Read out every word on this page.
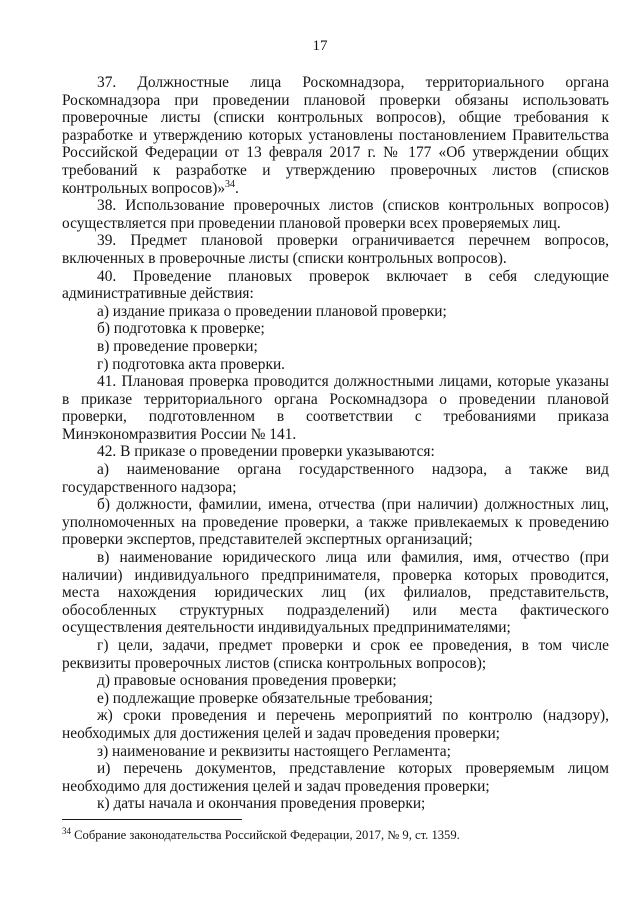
17

37. Должностные лица Роскомнадзора, территориального органа Роскомнадзора при проведении плановой проверки обязаны использовать проверочные листы (списки контрольных вопросов), общие требования к разработке и утверждению которых установлены постановлением Правительства Российской Федерации от 13 февраля 2017 г. № 177 «Об утверждении общих требований к разработке и утверждению проверочных листов (списков контрольных вопросов)»$^{34}$.

38. Использование проверочных листов (списков контрольных вопросов) осуществляется при проведении плановой проверки всех проверяемых лиц.

39. Предмет плановой проверки ограничивается перечнем вопросов, включенных в проверочные листы (списки контрольных вопросов).

40. Проведение плановых проверок включает в себя следующие административные действия:

а) издание приказа о проведении плановой проверки;

б) подготовка к проверке;

в) проведение проверки;

г) подготовка акта проверки.

41. Плановая проверка проводится должностными лицами, которые указаны в приказе территориального органа Роскомнадзора о проведении плановой проверки, подготовленном в соответствии с требованиями приказа Минэкономразвития России № 141.

42. В приказе о проведении проверки указываются:

а) наименование органа государственного надзора, а также вид государственного надзора;

б) должности, фамилии, имена, отчества (при наличии) должностных лиц, уполномоченных на проведение проверки, а также привлекаемых к проведению проверки экспертов, представителей экспертных организаций;

в) наименование юридического лица или фамилия, имя, отчество (при наличии) индивидуального предпринимателя, проверка которых проводится, места нахождения юридических лиц (их филиалов, представительств, обособленных структурных подразделений) или места фактического осуществления деятельности индивидуальных предпринимателями;

г) цели, задачи, предмет проверки и срок ее проведения, в том числе реквизиты проверочных листов (списка контрольных вопросов);

д) правовые основания проведения проверки;

е) подлежащие проверке обязательные требования;

ж) сроки проведения и перечень мероприятий по контролю (надзору), необходимых для достижения целей и задач проведения проверки;

з) наименование и реквизиты настоящего Регламента;

и) перечень документов, представление которых проверяемым лицом необходимо для достижения целей и задач проведения проверки;

к) даты начала и окончания проведения проверки;

$^{34}$ Собрание законодательства Российской Федерации, 2017, № 9, ст. 1359.
